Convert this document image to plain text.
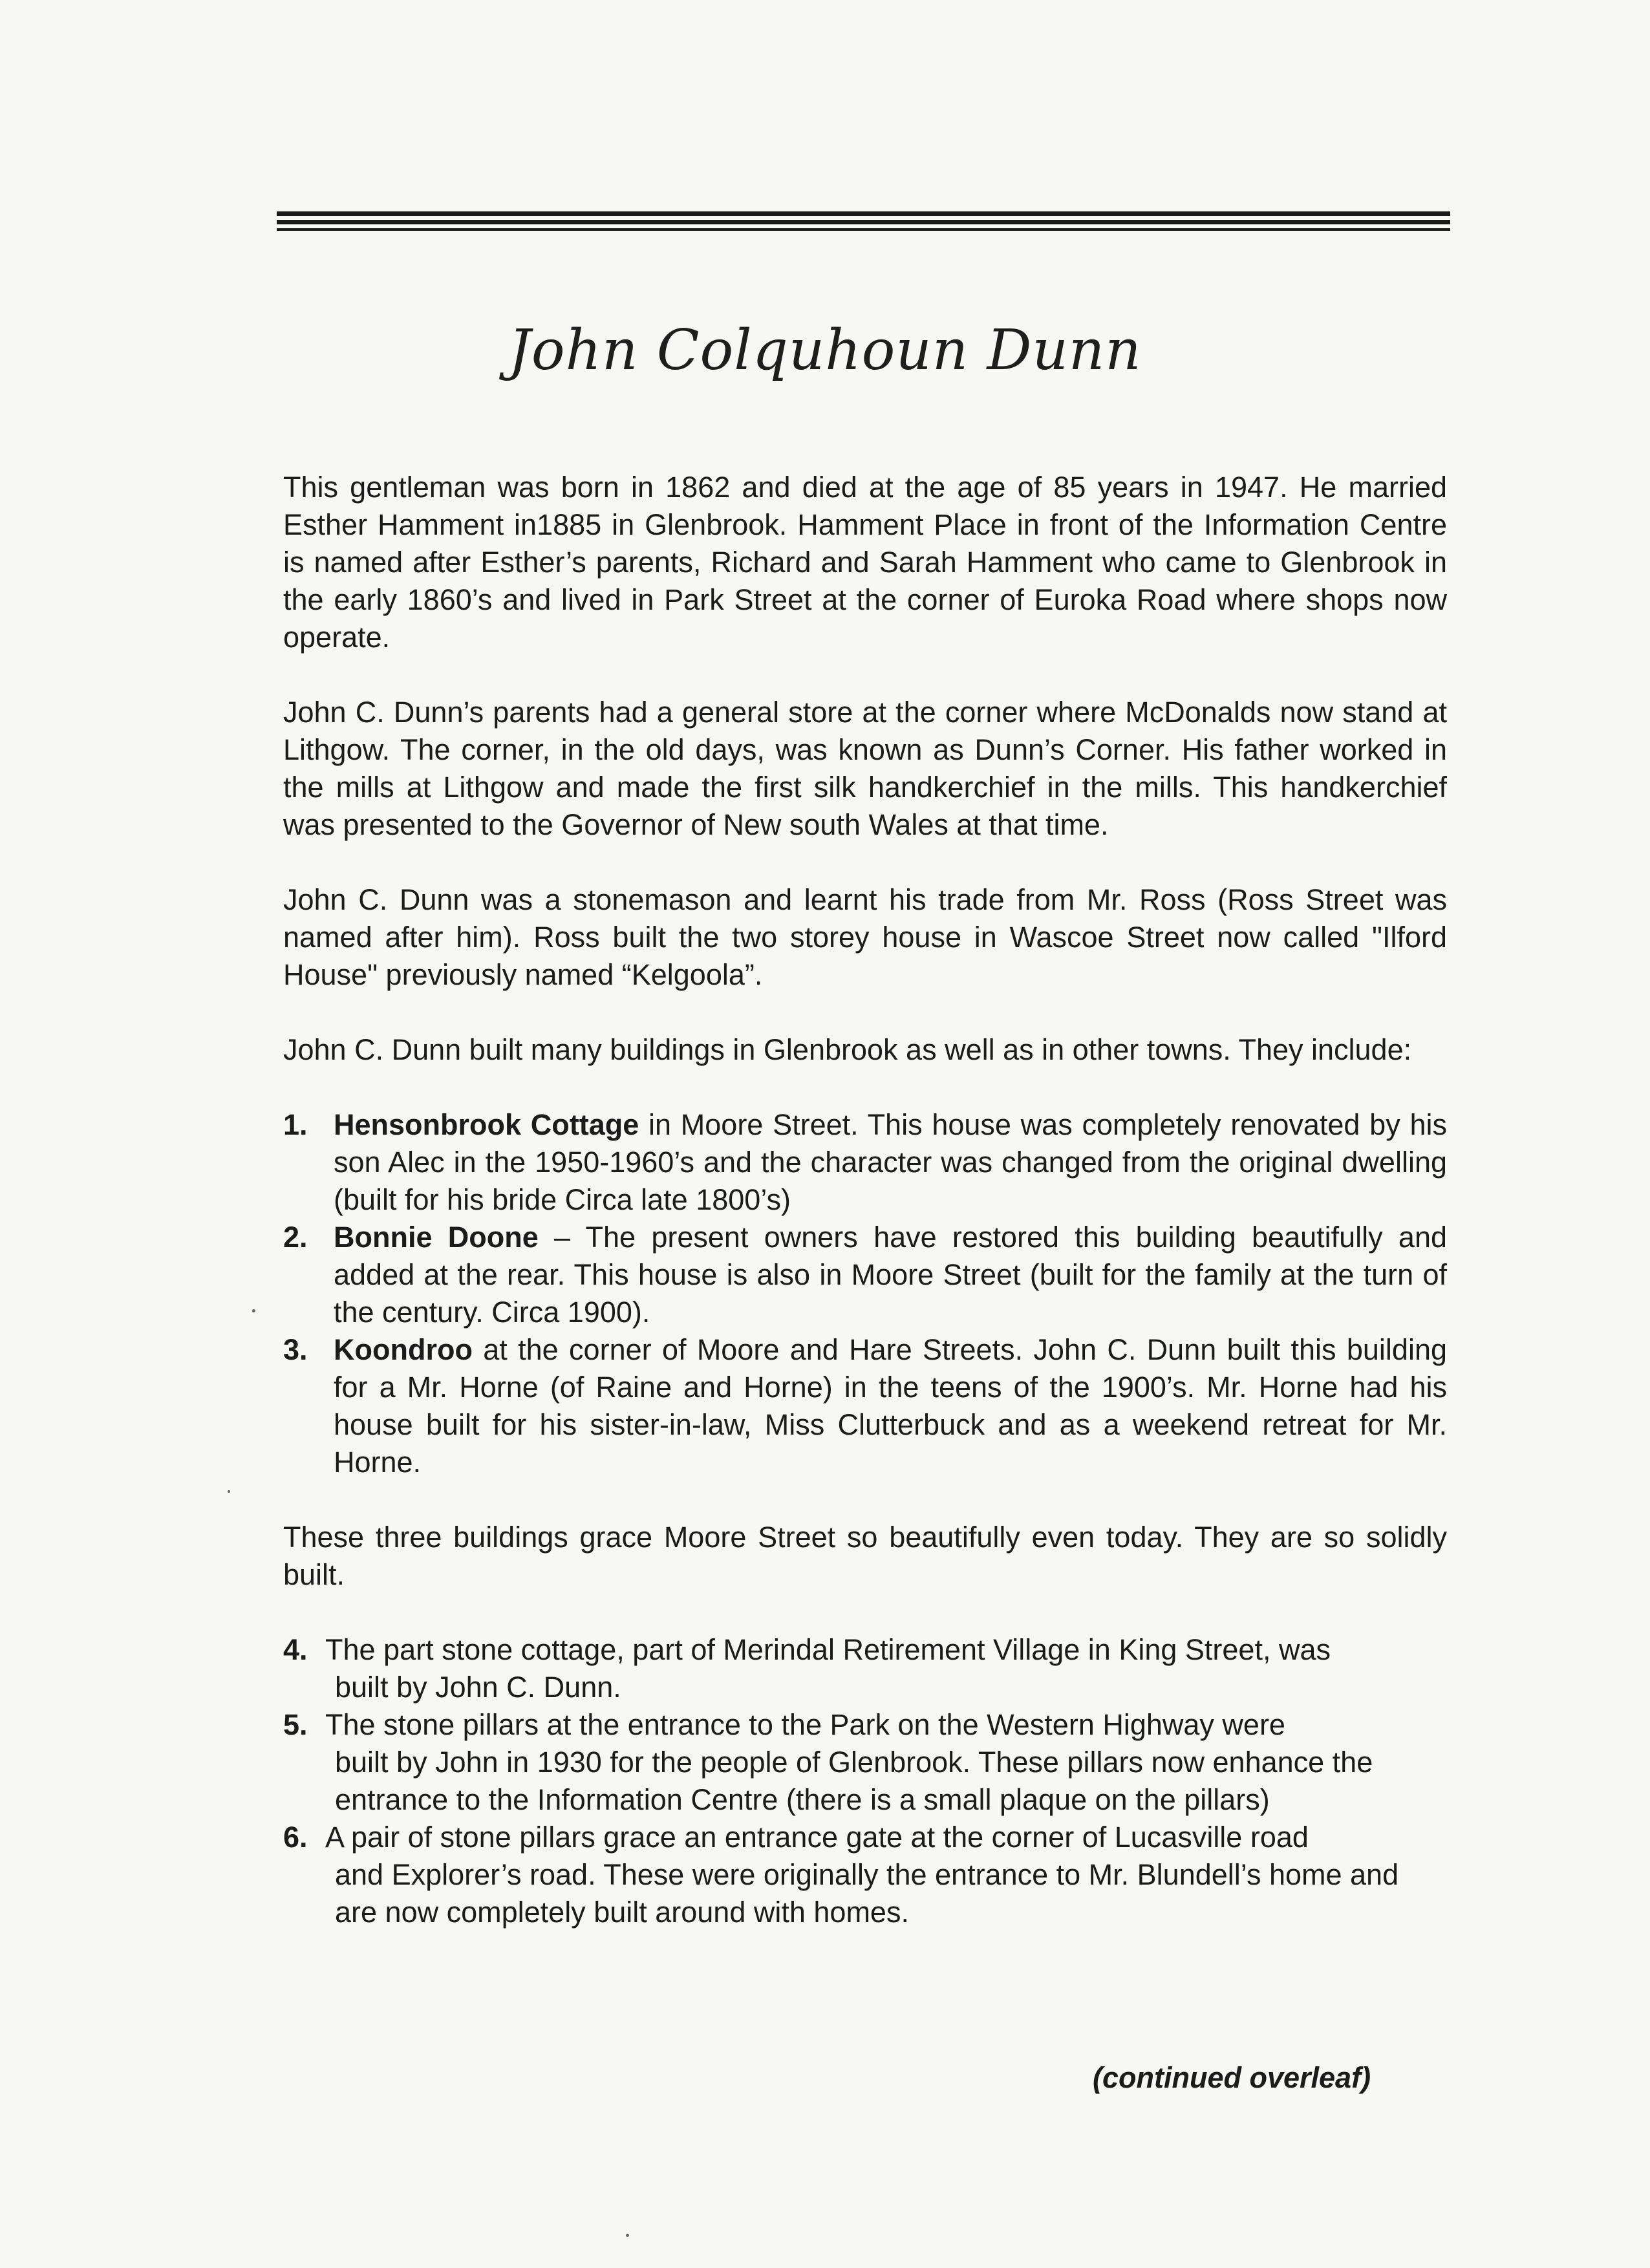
John Colquhoun Dunn

This gentleman was born in 1862 and died at the age of 85 years in 1947. He married Esther Hamment in1885 in Glenbrook. Hamment Place in front of the Information Centre is named after Esther’s parents, Richard and Sarah Hamment who came to Glenbrook in the early 1860’s and lived in Park Street at the corner of Euroka Road where shops now operate.

John C. Dunn’s parents had a general store at the corner where McDonalds now stand at Lithgow. The corner, in the old days, was known as Dunn’s Corner. His father worked in the mills at Lithgow and made the first silk handkerchief in the mills. This handkerchief was presented to the Governor of New south Wales at that time.

John C. Dunn was a stonemason and learnt his trade from Mr. Ross (Ross Street was named after him). Ross built the two storey house in Wascoe Street now called "Ilford House" previously named “Kelgoola”.

John C. Dunn built many buildings in Glenbrook as well as in other towns. They include:

1. Hensonbrook Cottage in Moore Street. This house was completely renovated by his son Alec in the 1950-1960’s and the character was changed from the original dwelling (built for his bride Circa late 1800’s)
2. Bonnie Doone – The present owners have restored this building beautifully and added at the rear. This house is also in Moore Street (built for the family at the turn of the century. Circa 1900).
3. Koondroo at the corner of Moore and Hare Streets. John C. Dunn built this building for a Mr. Horne (of Raine and Horne) in the teens of the 1900’s. Mr. Horne had his house built for his sister-in-law, Miss Clutterbuck and as a weekend retreat for Mr. Horne.

These three buildings grace Moore Street so beautifully even today. They are so solidly built.

4. The part stone cottage, part of Merindal Retirement Village in King Street, was
built by John C. Dunn.
5. The stone pillars at the entrance to the Park on the Western Highway were
built by John in 1930 for the people of Glenbrook. These pillars now enhance the entrance to the Information Centre (there is a small plaque on the pillars)
6. A pair of stone pillars grace an entrance gate at the corner of Lucasville road
and Explorer’s road. These were originally the entrance to Mr. Blundell’s home and are now completely built around with homes.
(continued overleaf)
